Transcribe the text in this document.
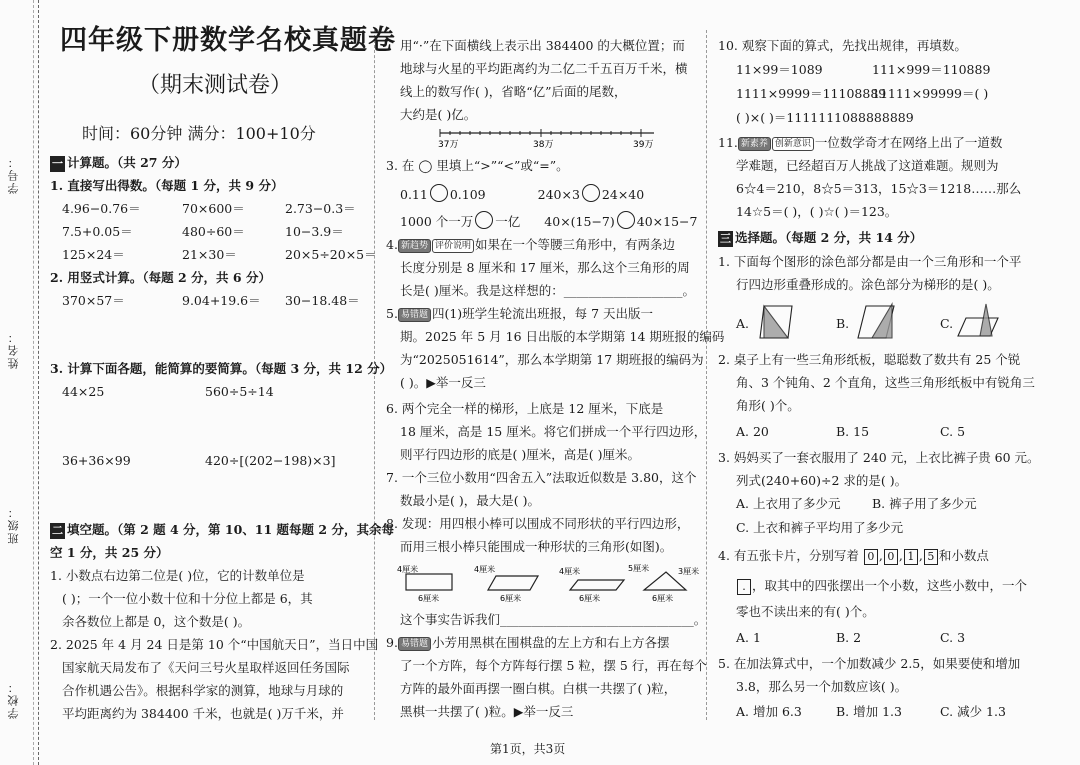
学号：
姓名：
班级：
学校：
四年级下册数学名校真题卷
（期末测试卷）
时间：60分钟 满分：100+10分
一 计算题。（共 27 分）
1. 直接写出得数。（每题 1 分，共 9 分）
4.96−0.76＝	70×600＝	2.73−0.3＝
7.5+0.05＝	480÷60＝	10−3.9＝
125×24＝	21×30＝	20×5÷20×5＝
2. 用竖式计算。（每题 2 分，共 6 分）
370×57＝	9.04+19.6＝ 30−18.48＝
3. 计算下面各题，能简算的要简算。（每题 3 分，共 12 分）
44×25	560÷5÷14
36+36×99	420÷[(202−198)×3]
二 填空题。（第 2 题 4 分，第 10、11 题每题 2 分，其余每
空 1 分，共 25 分）
1. 小数点右边第二位是( )位，它的计数单位是
( )；一个一位小数十位和十分位上都是 6，其
余各数位上都是 0，这个数是( )。
2. 2025 年 4 月 24 日是第 10 个“中国航天日”，当日中国
国家航天局发布了《天问三号火星取样返回任务国际
合作机遇公告》。根据科学家的测算，地球与月球的
平均距离约为 384400 千米，也就是( )万千米，并
用“·”在下面横线上表示出 384400 的大概位置；而
地球与火星的平均距离约为二亿二千五百万千米，横
线上的数写作( )，省略“亿”后面的尾数，
大约是( )亿。
37万	38万	39万
3. 在 ◯ 里填上“>”“<”或“=”。
0.11 0.109	240×3 24×40
1000 个一万 一亿 40×(15−7) 40×15−7
4. 新趋势 评价说明 如果在一个等腰三角形中，有两条边
长度分别是 8 厘米和 17 厘米，那么这个三角形的周
长是( )厘米。我是这样想的：___________________。
5. 易错题 四(1)班学生轮流出班报，每 7 天出版一
期。2025 年 5 月 16 日出版的本学期第 14 期班报的编码
为“2025051614”，那么本学期第 17 期班报的编码为
( )。▶举一反三
6. 两个完全一样的梯形，上底是 12 厘米，下底是
18 厘米，高是 15 厘米。将它们拼成一个平行四边形，
则平行四边形的底是( )厘米，高是( )厘米。
7. 一个三位小数用“四舍五入”法取近似数是 3.80，这个
数最小是( )，最大是( )。
8. 发现：用四根小棒可以围成不同形状的平行四边形，
而用三根小棒只能围成一种形状的三角形(如图)。
4厘米
6厘米
4厘米
6厘米
4厘米
6厘米
5厘米	3厘米
6厘米
这个事实告诉我们_______________________________。
9. 易错题 小芳用黑棋在围棋盘的左上方和右上方各摆
了一个方阵，每个方阵每行摆 5 粒，摆 5 行，再在每个
方阵的最外面再摆一圈白棋。白棋一共摆了( )粒，
黑棋一共摆了( )粒。▶举一反三
10. 观察下面的算式，先找出规律，再填数。
11×99＝1089	111×999＝110889
1111×9999＝11108889
11111×99999＝( )
( )×( )＝1111111088888889
11. 新素养 创新意识 一位数学奇才在网络上出了一道数
学难题，已经超百万人挑战了这道难题。规则为
6☆4＝210，8☆5＝313，15☆3＝1218……那么
14☆5＝( )，( )☆( )＝123。
三 选择题。（每题 2 分，共 14 分）
1. 下面每个图形的涂色部分都是由一个三角形和一个平
行四边形重叠形成的。涂色部分为梯形的是( )。
A.	B.	C.
2. 桌子上有一些三角形纸板，聪聪数了数共有 25 个锐
角、3 个钝角、2 个直角，这些三角形纸板中有锐角三
角形( )个。
A. 20	B. 15	C. 5
3. 妈妈买了一套衣服用了 240 元，上衣比裤子贵 60 元。
列式(240+60)÷2 求的是( )。
A. 上衣用了多少元	B. 裤子用了多少元
C. 上衣和裤子平均用了多少元
4. 有五张卡片，分别写着 0 , 0 , 1 , 5 和小数点
. ，取其中的四张摆出一个小数，这些小数中，一个
零也不读出来的有( )个。
A. 1	B. 2	C. 3
5. 在加法算式中，一个加数减少 2.5，如果要使和增加
3.8，那么另一个加数应该( )。
A. 增加 6.3	B. 增加 1.3	C. 减少 1.3
第1页，共3页
